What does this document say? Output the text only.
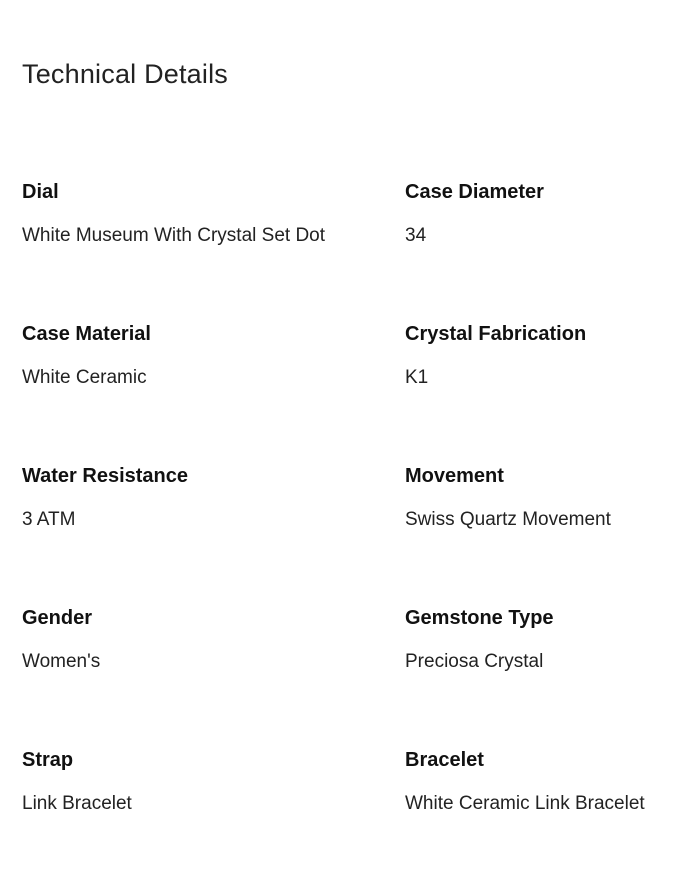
Technical Details
Dial
White Museum With Crystal Set Dot
Case Diameter
34
Case Material
White Ceramic
Crystal Fabrication
K1
Water Resistance
3 ATM
Movement
Swiss Quartz Movement
Gender
Women's
Gemstone Type
Preciosa Crystal
Strap
Link Bracelet
Bracelet
White Ceramic Link Bracelet
